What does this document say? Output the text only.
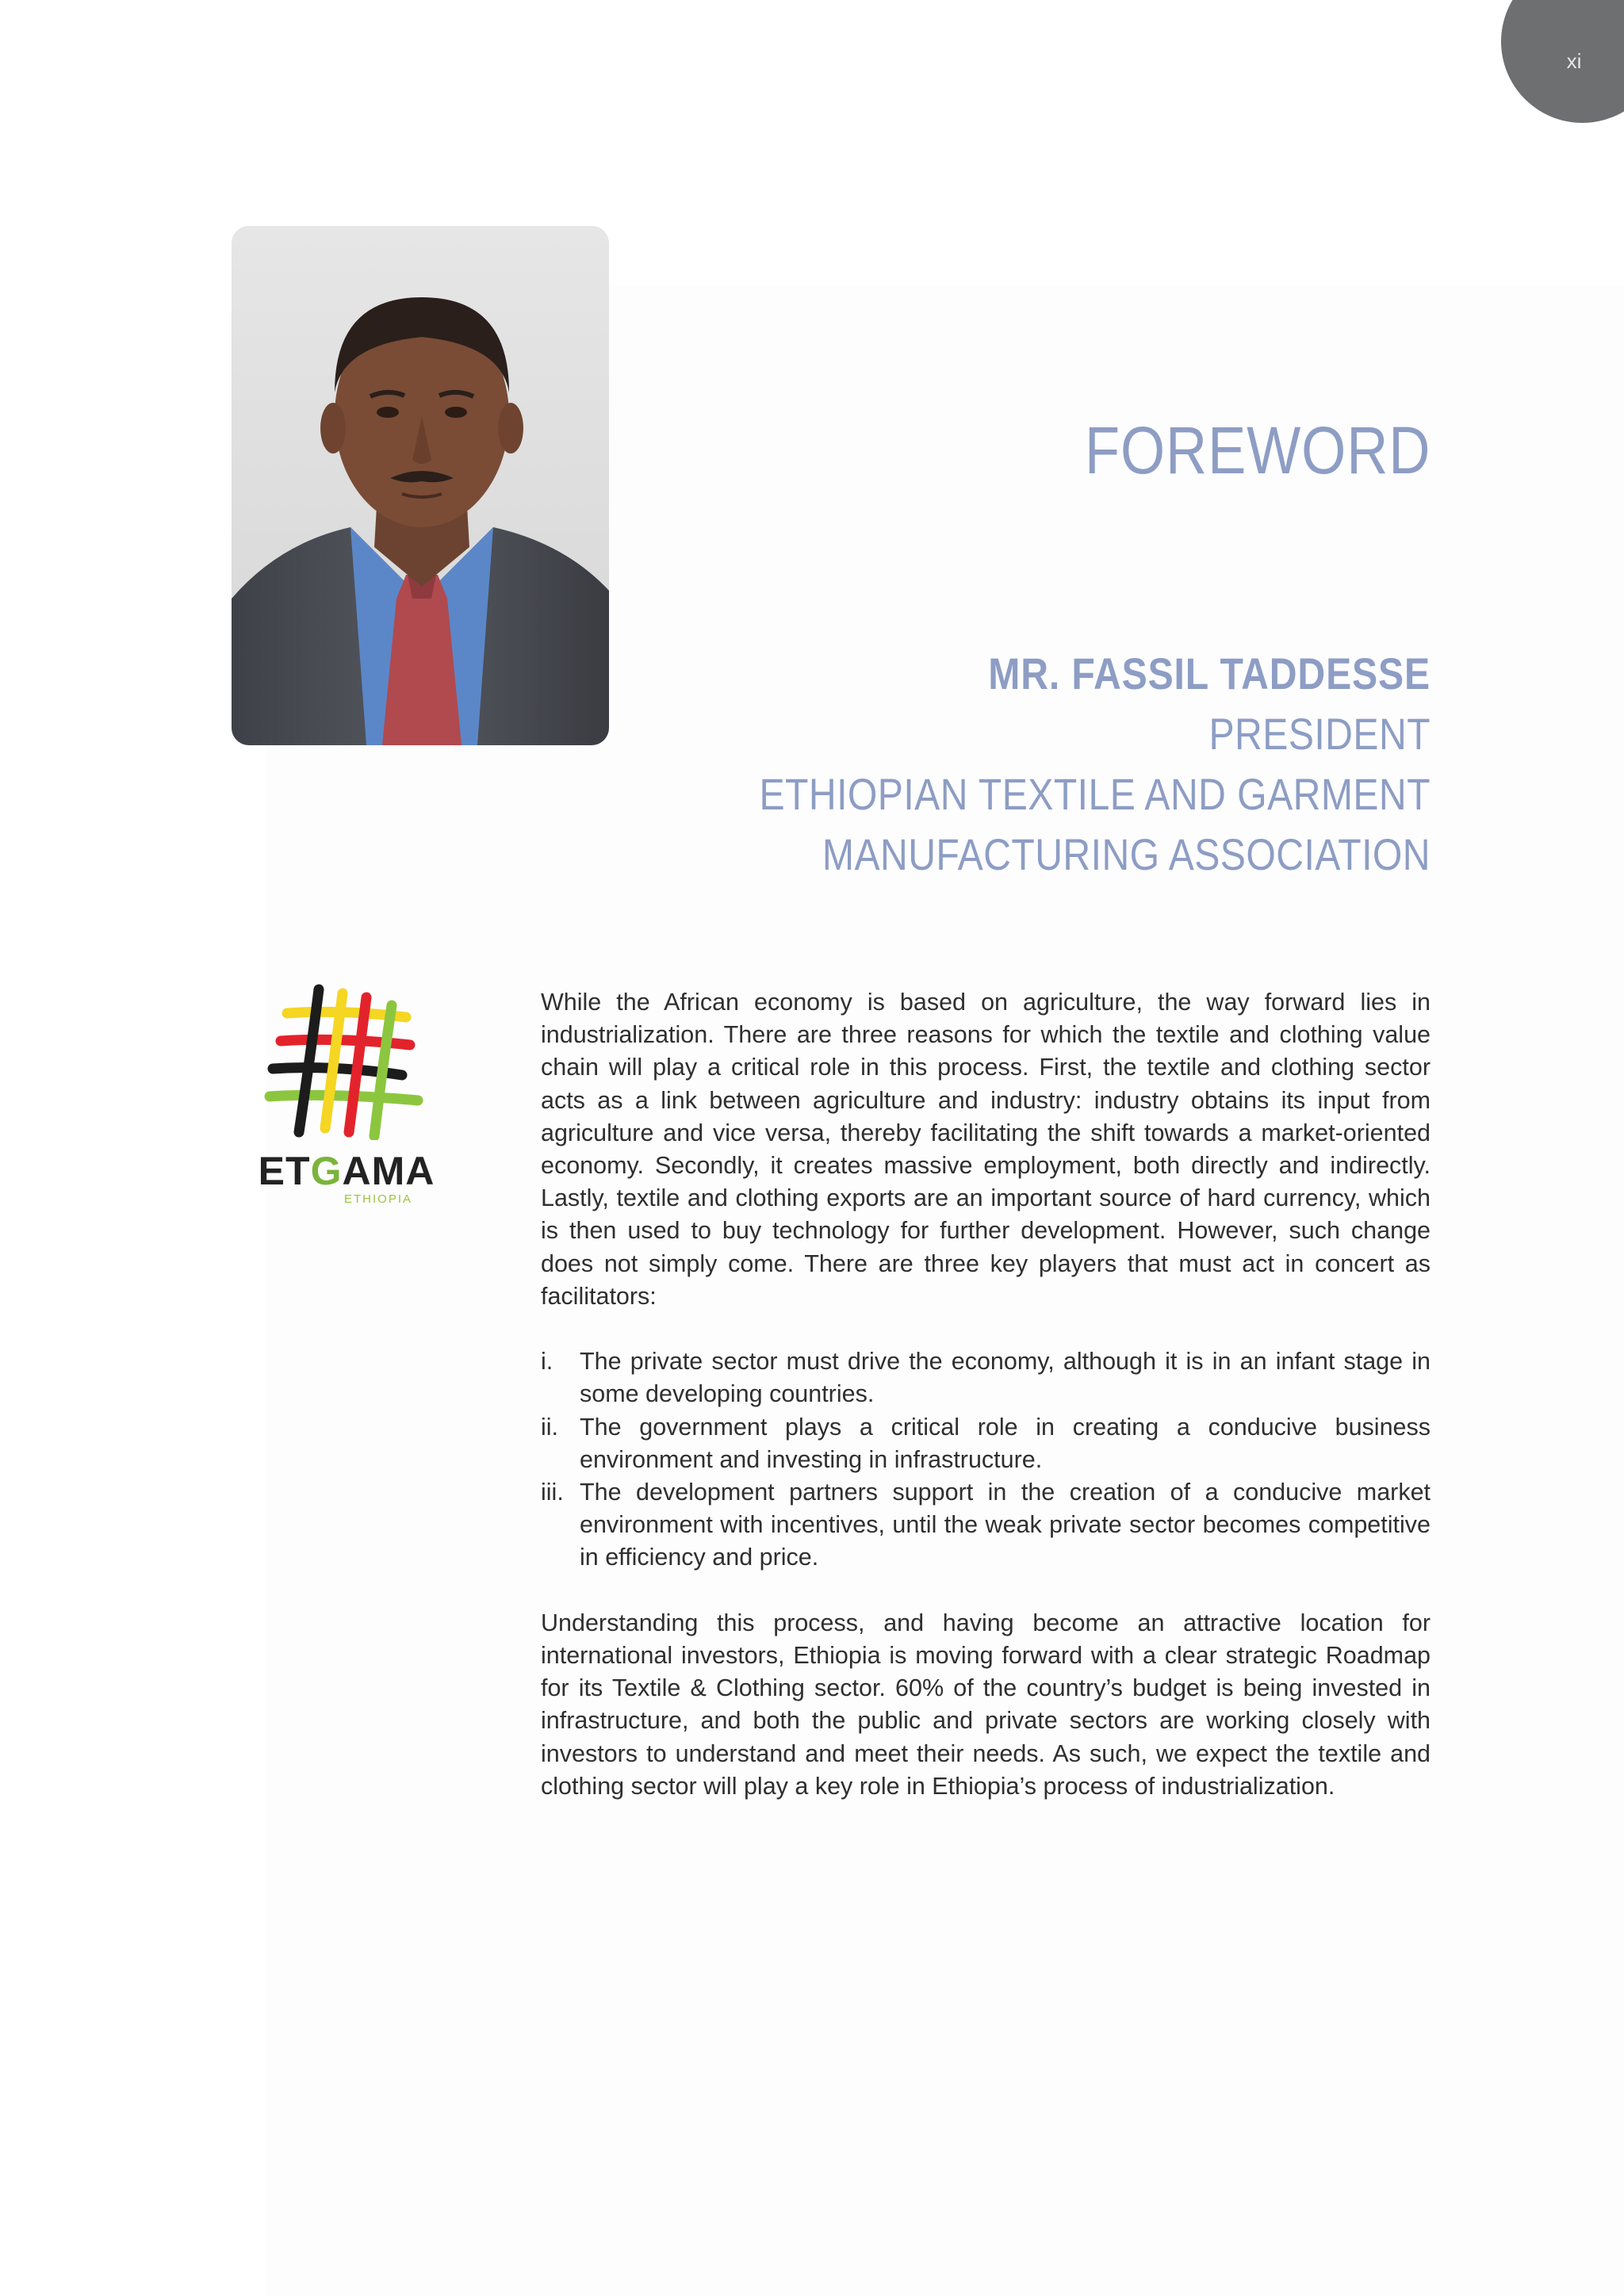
xi
FOREWORD
MR. FASSIL TADDESSE
PRESIDENT
ETHIOPIAN TEXTILE AND GARMENT
MANUFACTURING ASSOCIATION
ETGAMA
ETHIOPIA

While the African economy is based on agriculture, the way forward lies in industrialization. There are three reasons for which the textile and clothing value chain will play a critical role in this process. First, the textile and clothing sector acts as a link between agriculture and industry: industry obtains its input from agriculture and vice versa, thereby facilitating the shift towards a market-oriented economy. Secondly, it creates massive employment, both directly and indirectly. Lastly, textile and clothing exports are an important source of hard currency, which is then used to buy technology for further development. However, such change does not simply come. There are three key players that must act in concert as facilitators:

i. The private sector must drive the economy, although it is in an infant stage in some developing countries.
ii. The government plays a critical role in creating a conducive business environment and investing in infrastructure.
iii. The development partners support in the creation of a conducive market environment with incentives, until the weak private sector becomes competitive in efficiency and price.

Understanding this process, and having become an attractive location for international investors, Ethiopia is moving forward with a clear strategic Roadmap for its Textile & Clothing sector. 60% of the country’s budget is being invested in infrastructure, and both the public and private sectors are working closely with investors to understand and meet their needs. As such, we expect the textile and clothing sector will play a key role in Ethiopia’s process of industrialization.
